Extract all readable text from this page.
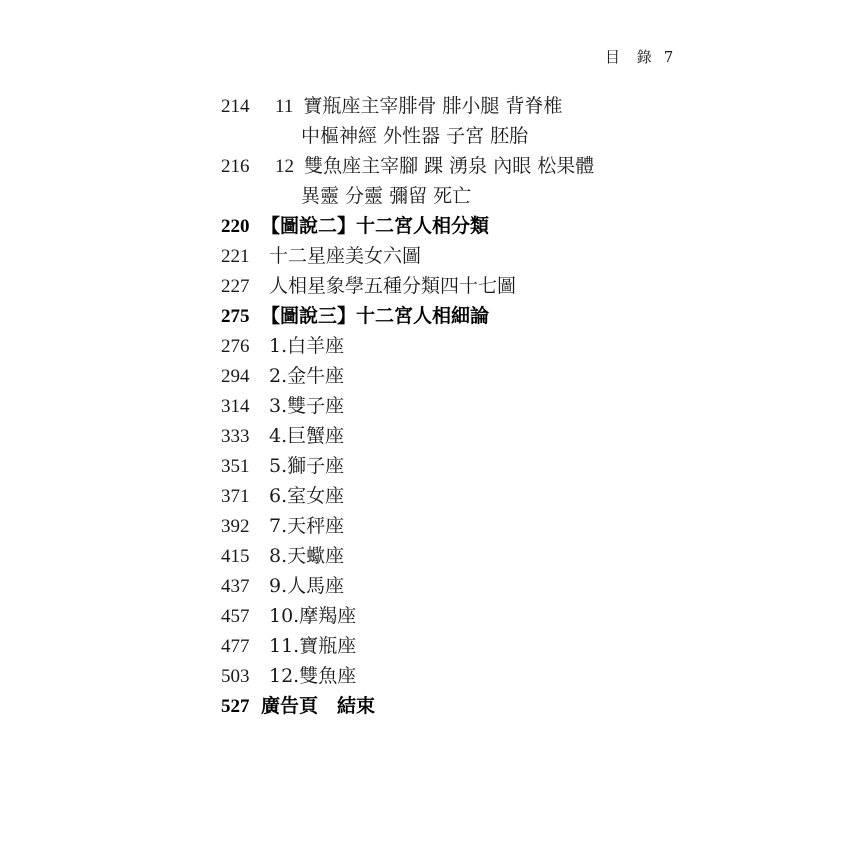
目 錄 7
214 11 寶瓶座主宰腓骨 腓小腿 背脊椎
中樞神經 外性器 子宮 胚胎
216 12 雙魚座主宰腳 踝 湧泉 內眼 松果體
異靈 分靈 彌留 死亡
220 【圖說二】十二宮人相分類
221 十二星座美女六圖
227 人相星象學五種分類四十七圖
275 【圖說三】十二宮人相細論
276 1.白羊座
294 2.金牛座
314 3.雙子座
333 4.巨蟹座
351 5.獅子座
371 6.室女座
392 7.天秤座
415 8.天蠍座
437 9.人馬座
457 10.摩羯座
477 11.寶瓶座
503 12.雙魚座
527 廣告頁　結束
